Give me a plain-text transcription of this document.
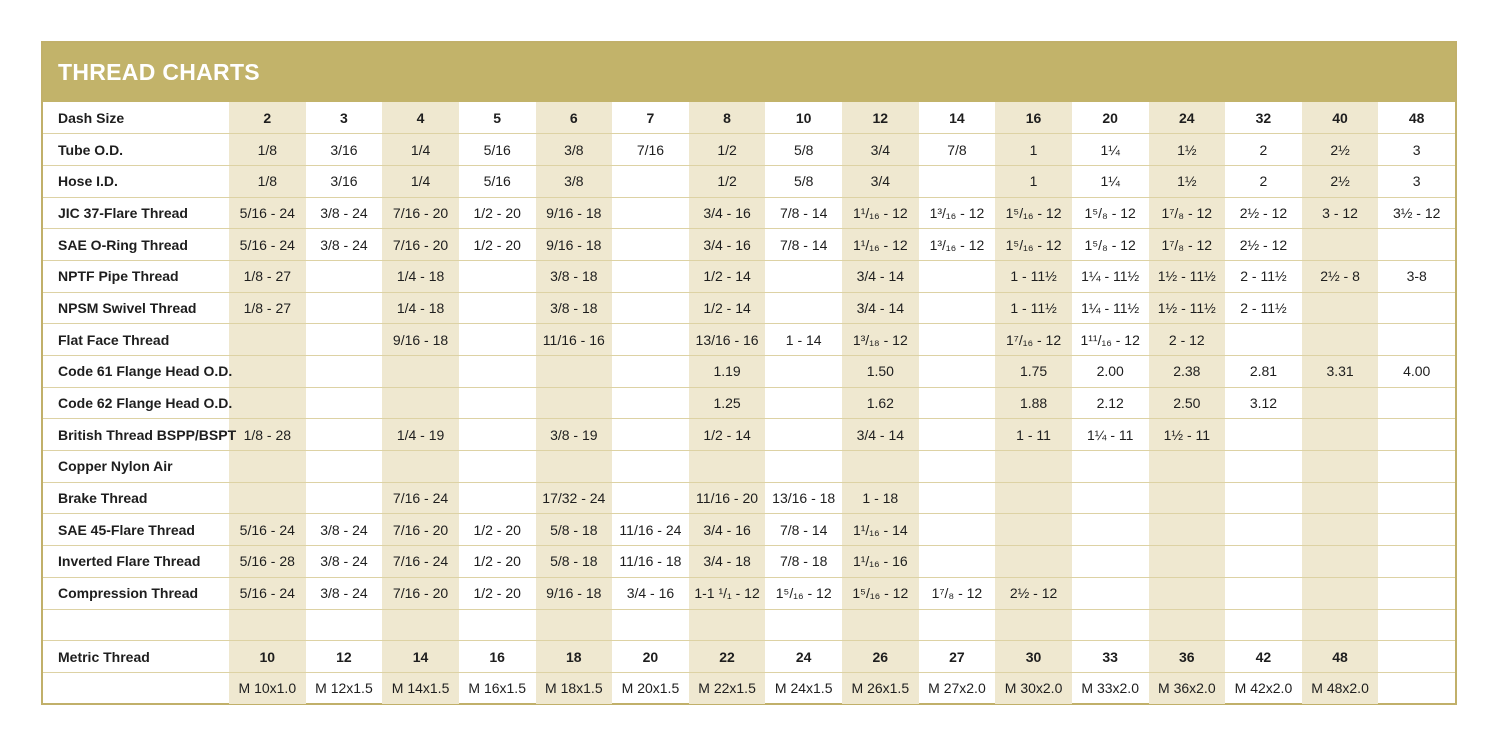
THREAD CHARTS
Dash Size	2	3	4	5	6	7	8	10	12	14	16	20	24	32	40	48
Tube O.D.	1/8	3/16	1/4	5/16	3/8	7/16	1/2	5/8	3/4	7/8	1	1¼	1½	2	2½	3
Hose I.D.	1/8	3/16	1/4	5/16	3/8		1/2	5/8	3/4		1	1¼	1½	2	2½	3
JIC 37-Flare Thread	5/16 - 24	3/8 - 24	7/16 - 20	1/2 - 20	9/16 - 18		3/4 - 16	7/8 - 14	1¹/₁₆ - 12	1³/₁₆ - 12	1⁵/₁₆ - 12	1⁵/₈ - 12	1⁷/₈ - 12	2½ - 12	3 - 12	3½ - 12
SAE O-Ring Thread	5/16 - 24	3/8 - 24	7/16 - 20	1/2 - 20	9/16 - 18		3/4 - 16	7/8 - 14	1¹/₁₆ - 12	1³/₁₆ - 12	1⁵/₁₆ - 12	1⁵/₈ - 12	1⁷/₈ - 12	2½ - 12		
NPTF Pipe Thread	1/8 - 27		1/4 - 18		3/8 - 18		1/2 - 14		3/4 - 14		1 - 11½	1¼ - 11½	1½ - 11½	2 - 11½	2½ - 8	3-8
NPSM Swivel Thread	1/8 - 27		1/4 - 18		3/8 - 18		1/2 - 14		3/4 - 14		1 - 11½	1¼ - 11½	1½ - 11½	2 - 11½		
Flat Face Thread			9/16 - 18		11/16 - 16		13/16 - 16	1 - 14	1³/₁₈ - 12		1⁷/₁₆ - 12	1¹¹/₁₆ - 12	2 - 12			
Code 61 Flange Head O.D.							1.19		1.50		1.75	2.00	2.38	2.81	3.31	4.00
Code 62 Flange Head O.D.							1.25		1.62		1.88	2.12	2.50	3.12		
British Thread BSPP/BSPT	1/8 - 28		1/4 - 19		3/8 - 19		1/2 - 14		3/4 - 14		1 - 11	1¼ - 11	1½ - 11			
Copper Nylon Air																
Brake Thread			7/16 - 24		17/32 - 24		11/16 - 20	13/16 - 18	1 - 18							
SAE 45-Flare Thread	5/16 - 24	3/8 - 24	7/16 - 20	1/2 - 20	5/8 - 18	11/16 - 24	3/4 - 16	7/8 - 14	1¹/₁₆ - 14							
Inverted Flare Thread	5/16 - 28	3/8 - 24	7/16 - 24	1/2 - 20	5/8 - 18	11/16 - 18	3/4 - 18	7/8 - 18	1¹/₁₆ - 16							
Compression Thread	5/16 - 24	3/8 - 24	7/16 - 20	1/2 - 20	9/16 - 18	3/4 - 16	1-1 ¹/₁ - 12	1⁵/₁₆ - 12	1⁵/₁₆ - 12	1⁷/₈ - 12	2½ - 12					

Metric Thread	10	12	14	16	18	20	22	24	26	27	30	33	36	42	48	
	M 10x1.0	M 12x1.5	M 14x1.5	M 16x1.5	M 18x1.5	M 20x1.5	M 22x1.5	M 24x1.5	M 26x1.5	M 27x2.0	M 30x2.0	M 33x2.0	M 36x2.0	M 42x2.0	M 48x2.0	
